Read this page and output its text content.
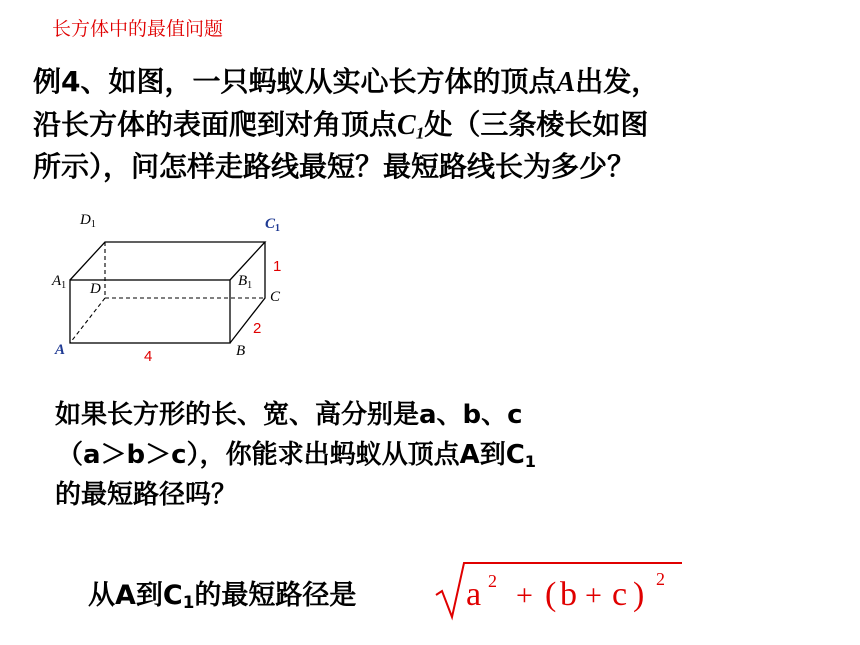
长方体中的最值问题
例4、如图，一只蚂蚁从实心长方体的顶点A出发，
沿长方体的表面爬到对角顶点$C_1$处（三条棱长如图
所示），问怎样走路线最短？最短路线长为多少？
$D_1$	$C_1$
$A_1$ D	$B_1$
C
A	B
1
2
4
如果长方形的长、宽、高分别是a、b、c
（a＞b＞c），你能求出蚂蚁从顶点A到$C_1$
的最短路径吗？
从A到$C_1$的最短路径是	a 2 + ( b + c ) 2
